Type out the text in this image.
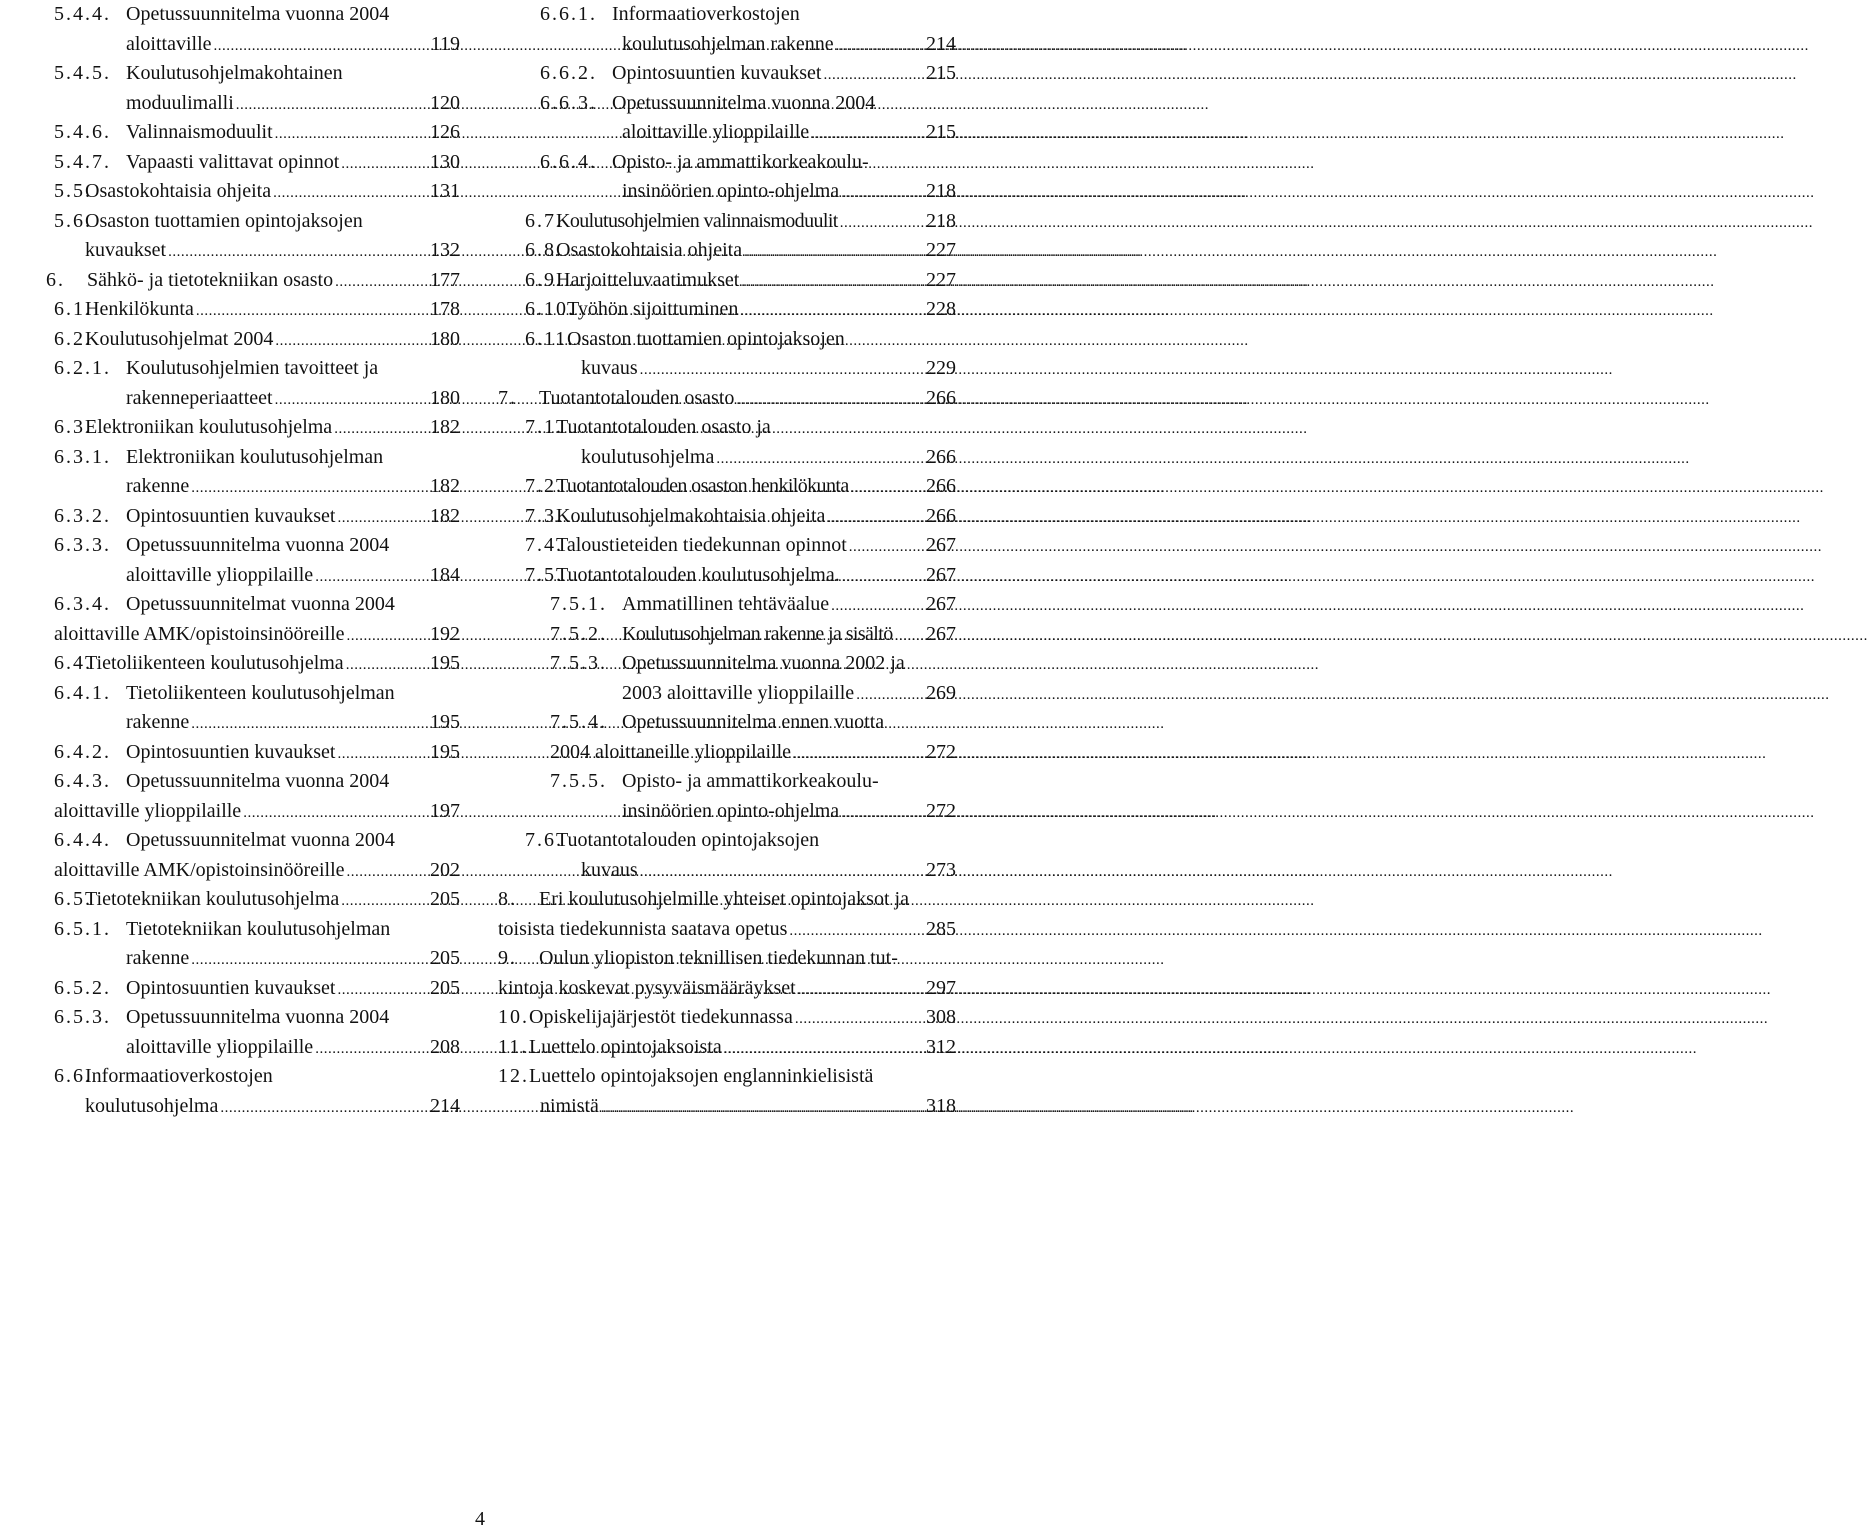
5.4.4. Opetussuunnitelma vuonna 2004
aloittaville .....	119
5.4.5. Koulutusohjelmakohtainen
moduulimalli .....	120
5.4.6. Valinnaismoduulit .....	126
5.4.7. Vapaasti valittavat opinnot .....	130
5.5.
Osastokohtaisia ohjeita .....	131
5.6.Osaston tuottamien opintojaksojen
kuvaukset .....	132
6.	Sähkö- ja tietotekniikan osasto .....	177
6.1.
Henkilökunta .....	178
6.2.
Koulutusohjelmat 2004 .....	180
6.2.1. Koulutusohjelmien tavoitteet ja
rakenneperiaatteet .....	180
6.3.
Elektroniikan koulutusohjelma .....	182
6.3.1. Elektroniikan koulutusohjelman
rakenne .....	182
6.3.2. Opintosuuntien kuvaukset .....	182
6.3.3. Opetussuunnitelma vuonna 2004
aloittaville ylioppilaille .....	184
6.3.4. Opetussuunnitelmat vuonna 2004
aloittaville AMK/opistoinsinööreille .....	192
6.4.
Tietoliikenteen koulutusohjelma .....	195
6.4.1. Tietoliikenteen koulutusohjelman
rakenne .....	195
6.4.2. Opintosuuntien kuvaukset .....	195
6.4.3. Opetussuunnitelma vuonna 2004
aloittaville ylioppilaille .....	197
6.4.4. Opetussuunnitelmat vuonna 2004
aloittaville AMK/opistoinsinööreille .....	202
6.5.
Tietotekniikan koulutusohjelma .....	205
6.5.1. Tietotekniikan koulutusohjelman
rakenne .....	205
6.5.2. Opintosuuntien kuvaukset .....	205
6.5.3. Opetussuunnitelma vuonna 2004
aloittaville ylioppilaille .....	208
6.6.Informaatioverkostojen
koulutusohjelma .....	214
6.6.1. Informaatioverkostojen
koulutusohjelman rakenne .....	214
6.6.2. Opintosuuntien kuvaukset .....	215
6.6.3. Opetussuunnitelma vuonna 2004
aloittaville ylioppilaille .....	215
6.6.4. Opisto- ja ammattikorkeakoulu-
insinöörien opinto-ohjelma .....	218
6.7.
Koulutusohjelmien valinnaismoduulit .....	218
6.8.
Osastokohtaisia ohjeita .....	227
6.9.
Harjoitteluvaatimukset .....	227
6.10.
Työhön sijoittuminen .....	228
6.11.Osaston tuottamien opintojaksojen
kuvaus .....	229
7.	Tuotantotalouden osasto .....	266
7.1.Tuotantotalouden osasto ja
koulutusohjelma .....	266
7.2.
Tuotantotalouden osaston henkilökunta .....	266
7.3.
Koulutusohjelmakohtaisia ohjeita .....	266
7.4.
Taloustieteiden tiedekunnan opinnot .....	267
7.5.
Tuotantotalouden koulutusohjelma. .....	267
7.5.1. Ammatillinen tehtäväalue .....	267
7.5.2. Koulutusohjelman rakenne ja sisältö ..... 267
7.5.3. Opetussuunnitelma vuonna 2002 ja
2003 aloittaville ylioppilaille .....	269
7.5.4. Opetussuunnitelma ennen vuotta
2004 aloittaneille ylioppilaille .....	272
7.5.5. Opisto- ja ammattikorkeakoulu-
insinöörien opinto-ohjelma .....	272
7.6.Tuotantotalouden opintojaksojen
kuvaus .....	273
8. Eri koulutusohjelmille yhteiset opintojaksot ja
toisista tiedekunnista saatava opetus .....	285
9. Oulun yliopiston teknillisen tiedekunnan tut-
kintoja koskevat pysyväismääräykset .....	297
10. Opiskelijajärjestöt tiedekunnassa .....	308
11. Luettelo opintojaksoista .....	312
12.Luettelo opintojaksojen englanninkielisistä
nimistä .....	318
4
